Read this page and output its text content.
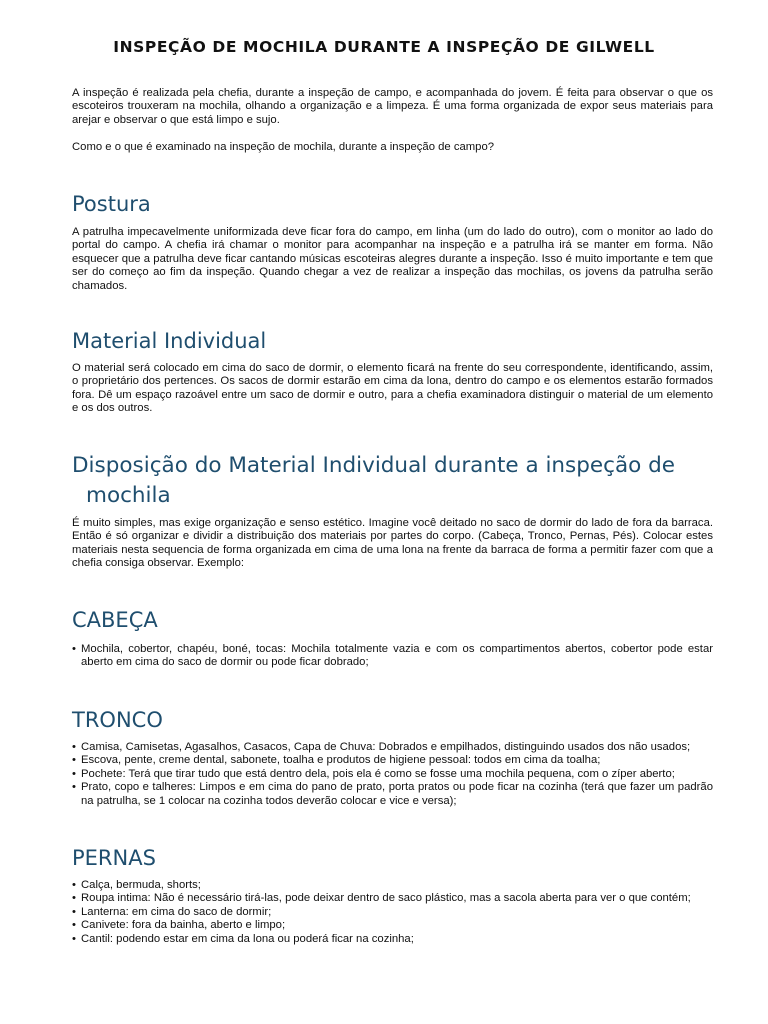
INSPEÇÃO DE MOCHILA DURANTE A INSPEÇÃO DE GILWELL

A inspeção é realizada pela chefia, durante a inspeção de campo, e acompanhada do jovem. É feita para observar o que os escoteiros trouxeram na mochila, olhando a organização e a limpeza. É uma forma organizada de expor seus materiais para arejar e observar o que está limpo e sujo.

Como e o que é examinado na inspeção de mochila, durante a inspeção de campo?

Postura

A patrulha impecavelmente uniformizada deve ficar fora do campo, em linha (um do lado do outro), com o monitor ao lado do portal do campo. A chefia irá chamar o monitor para acompanhar na inspeção e a patrulha irá se manter em forma. Não esquecer que a patrulha deve ficar cantando músicas escoteiras alegres durante a inspeção. Isso é muito importante e tem que ser do começo ao fim da inspeção. Quando chegar a vez de realizar a inspeção das mochilas, os jovens da patrulha serão chamados.

Material Individual

O material será colocado em cima do saco de dormir, o elemento ficará na frente do seu correspondente, identificando, assim, o proprietário dos pertences. Os sacos de dormir estarão em cima da lona, dentro do campo e os elementos estarão formados fora. Dê um espaço razoável entre um saco de dormir e outro, para a chefia examinadora distinguir o material de um elemento e os dos outros.

Disposição do Material Individual durante a inspeção de
mochila

É muito simples, mas exige organização e senso estético. Imagine você deitado no saco de dormir do lado de fora da barraca. Então é só organizar e dividir a distribuição dos materiais por partes do corpo. (Cabeça, Tronco, Pernas, Pés). Colocar estes materiais nesta sequencia de forma organizada em cima de uma lona na frente da barraca de forma a permitir fazer com que a chefia consiga observar. Exemplo:

CABEÇA
• Mochila, cobertor, chapéu, boné, tocas: Mochila totalmente vazia e com os compartimentos abertos, cobertor pode estar aberto em cima do saco de dormir ou pode ficar dobrado;
TRONCO
• Camisa, Camisetas, Agasalhos, Casacos, Capa de Chuva: Dobrados e empilhados, distinguindo usados dos não usados;
• Escova, pente, creme dental, sabonete, toalha e produtos de higiene pessoal: todos em cima da toalha;
• Pochete: Terá que tirar tudo que está dentro dela, pois ela é como se fosse uma mochila pequena, com o zíper aberto;
• Prato, copo e talheres: Limpos e em cima do pano de prato, porta pratos ou pode ficar na cozinha (terá que fazer um padrão na patrulha, se 1 colocar na cozinha todos deverão colocar e vice e versa);
PERNAS
• Calça, bermuda, shorts;
• Roupa intima: Não é necessário tirá-las, pode deixar dentro de saco plástico, mas a sacola aberta para ver o que contém;
• Lanterna: em cima do saco de dormir;
• Canivete: fora da bainha, aberto e limpo;
• Cantil: podendo estar em cima da lona ou poderá ficar na cozinha;
